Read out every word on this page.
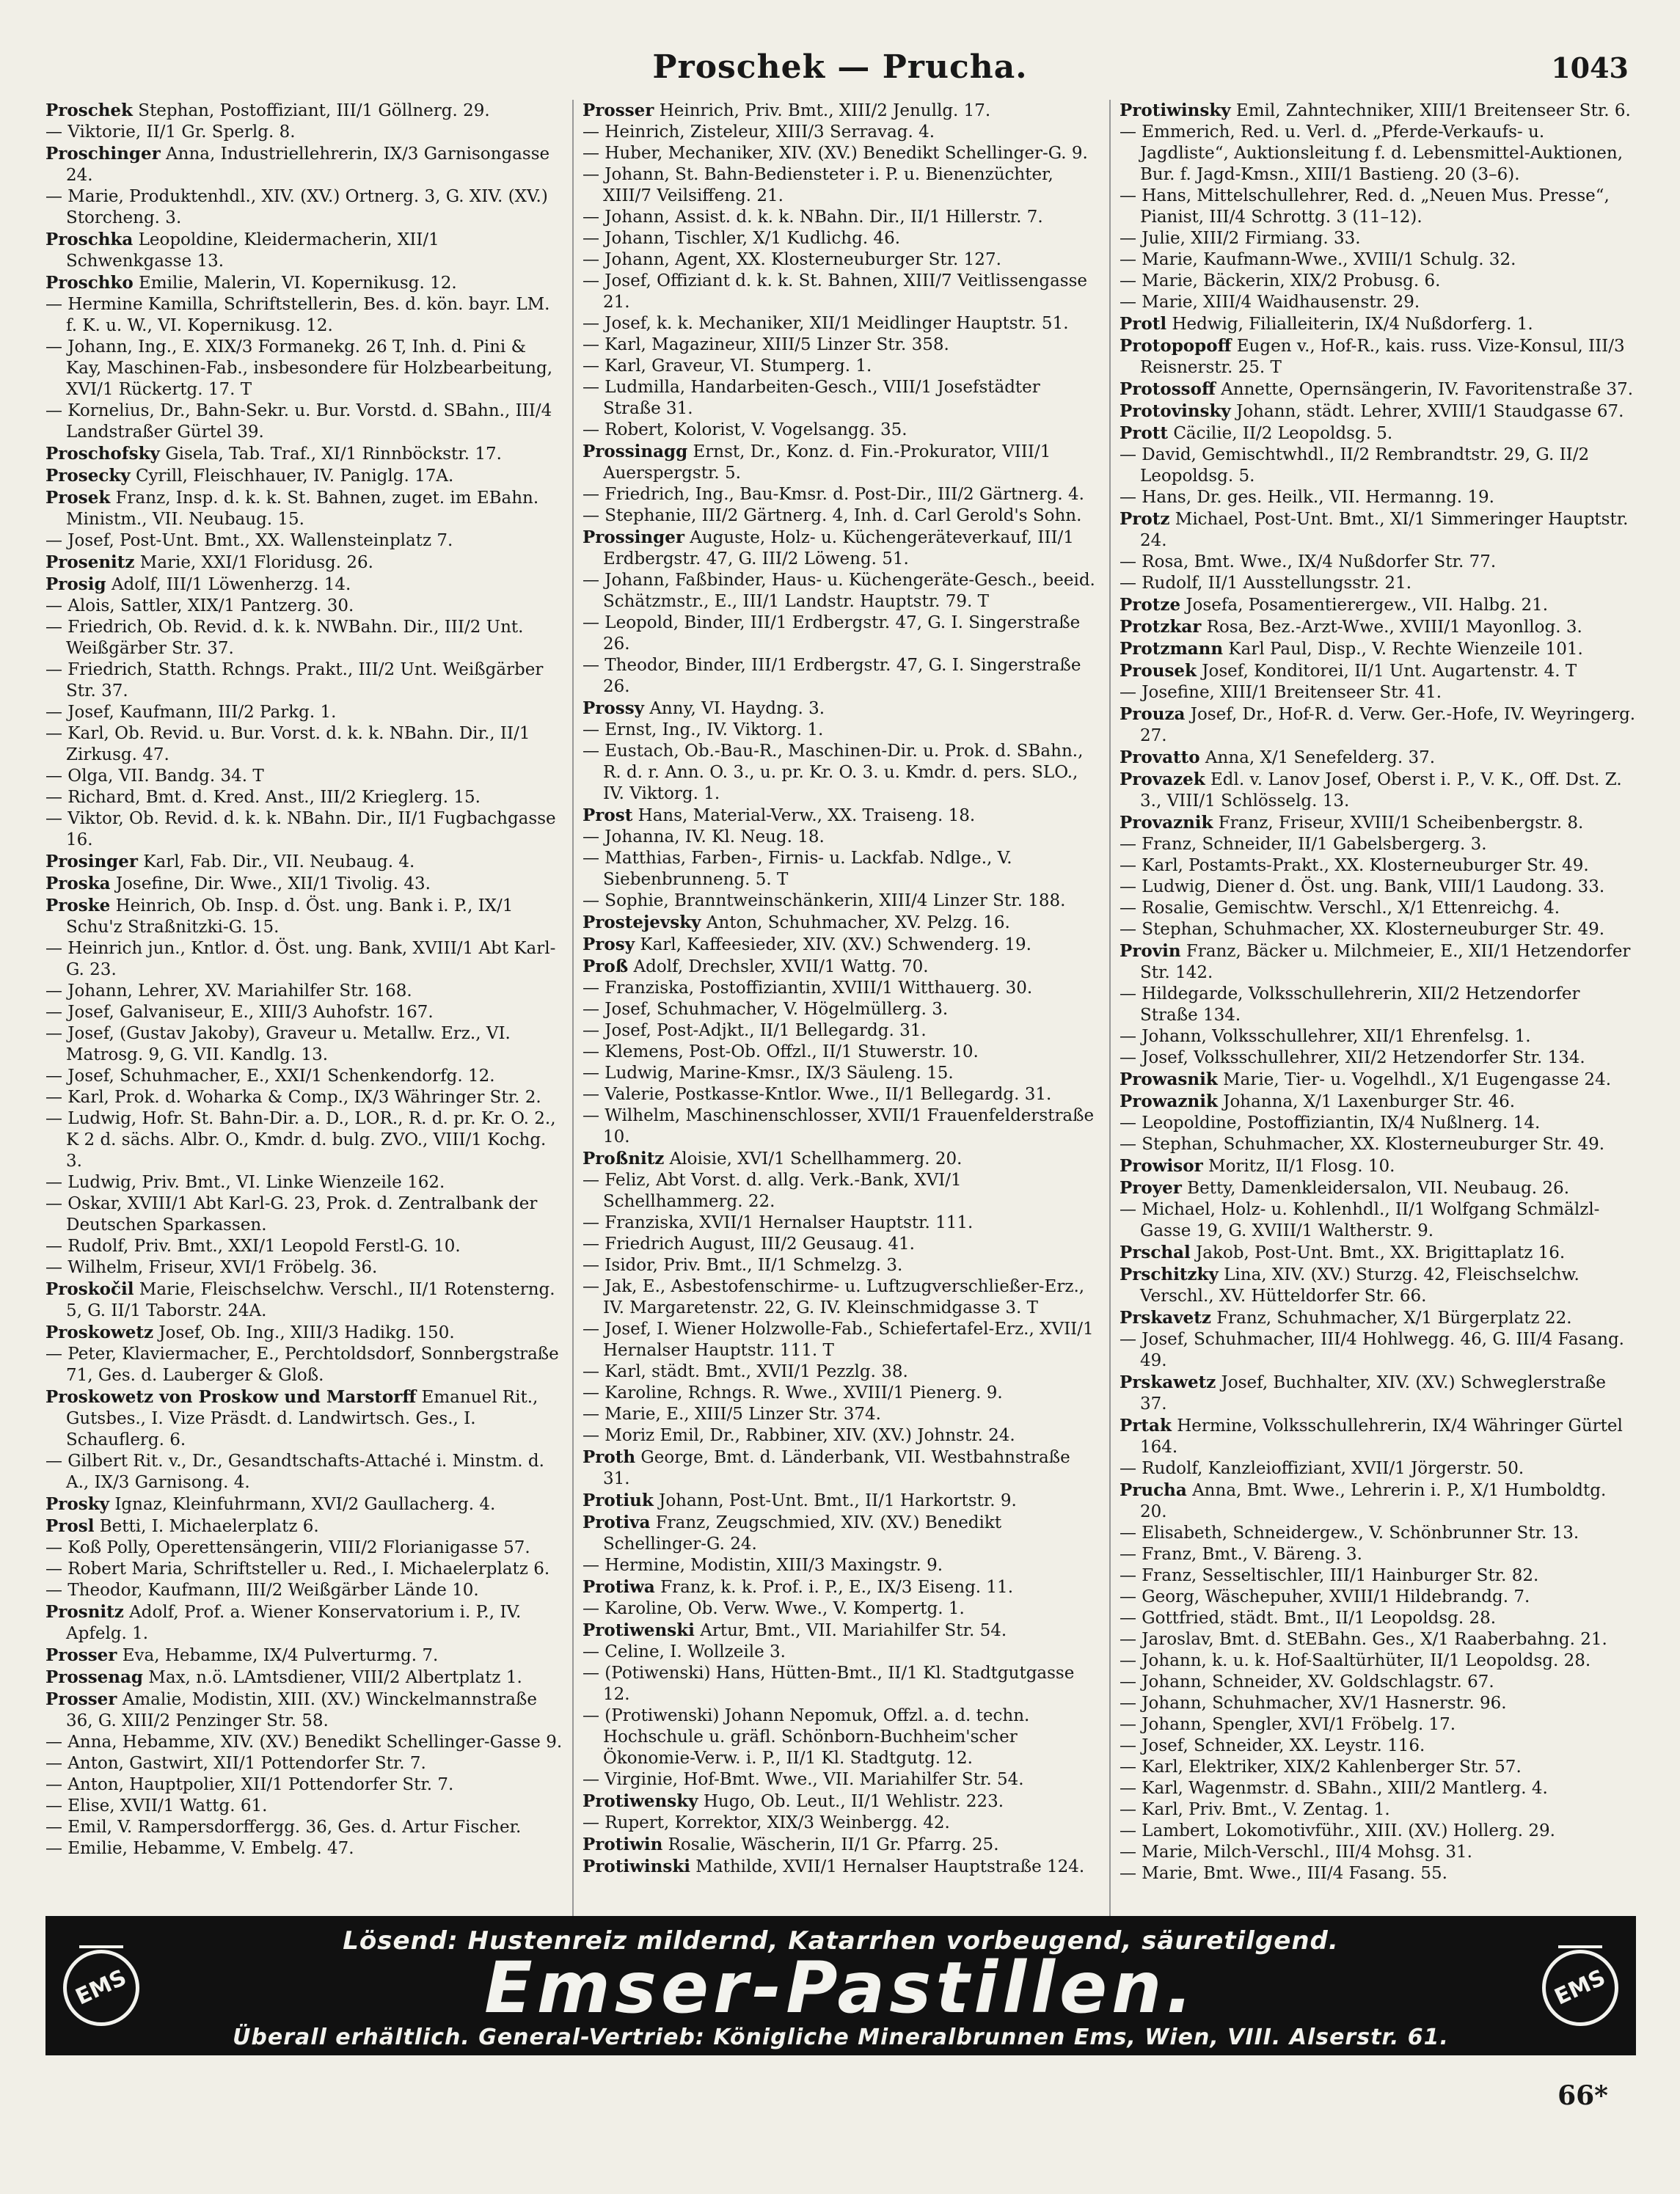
Proschek — Prucha.	1043

Proschek Stephan, Postoffiziant, III/1 Göllnerg. 29.

— Viktorie, II/1 Gr. Sperlg. 8.

Proschinger Anna, Industriellehrerin, IX/3 Garnisongasse 24.

— Marie, Produktenhdl., XIV. (XV.) Ortnerg. 3, G. XIV. (XV.) Storcheng. 3.

Proschka Leopoldine, Kleidermacherin, XII/1 Schwenkgasse 13.

Proschko Emilie, Malerin, VI. Kopernikusg. 12.

— Hermine Kamilla, Schriftstellerin, Bes. d. kön. bayr. LM. f. K. u. W., VI. Kopernikusg. 12.

— Johann, Ing., E. XIX/3 Formanekg. 26 T, Inh. d. Pini & Kay, Maschinen-Fab., insbesondere für Holzbearbeitung, XVI/1 Rückertg. 17. T

— Kornelius, Dr., Bahn-Sekr. u. Bur. Vorstd. d. SBahn., III/4 Landstraßer Gürtel 39.

Proschofsky Gisela, Tab. Traf., XI/1 Rinnböckstr. 17.

Prosecky Cyrill, Fleischhauer, IV. Paniglg. 17A.

Prosek Franz, Insp. d. k. k. St. Bahnen, zuget. im EBahn. Ministm., VII. Neubaug. 15.

— Josef, Post-Unt. Bmt., XX. Wallensteinplatz 7.

Prosenitz Marie, XXI/1 Floridusg. 26.

Prosig Adolf, III/1 Löwenherzg. 14.

— Alois, Sattler, XIX/1 Pantzerg. 30.

— Friedrich, Ob. Revid. d. k. k. NWBahn. Dir., III/2 Unt. Weißgärber Str. 37.

— Friedrich, Statth. Rchngs. Prakt., III/2 Unt. Weißgärber Str. 37.

— Josef, Kaufmann, III/2 Parkg. 1.

— Karl, Ob. Revid. u. Bur. Vorst. d. k. k. NBahn. Dir., II/1 Zirkusg. 47.

— Olga, VII. Bandg. 34. T

— Richard, Bmt. d. Kred. Anst., III/2 Krieglerg. 15.

— Viktor, Ob. Revid. d. k. k. NBahn. Dir., II/1 Fugbachgasse 16.

Prosinger Karl, Fab. Dir., VII. Neubaug. 4.

Proska Josefine, Dir. Wwe., XII/1 Tivolig. 43.

Proske Heinrich, Ob. Insp. d. Öst. ung. Bank i. P., IX/1 Schu'z Straßnitzki-G. 15.

— Heinrich jun., Kntlor. d. Öst. ung. Bank, XVIII/1 Abt Karl-G. 23.

— Johann, Lehrer, XV. Mariahilfer Str. 168.

— Josef, Galvaniseur, E., XIII/3 Auhofstr. 167.

— Josef, (Gustav Jakoby), Graveur u. Metallw. Erz., VI. Matrosg. 9, G. VII. Kandlg. 13.

— Josef, Schuhmacher, E., XXI/1 Schenkendorfg. 12.

— Karl, Prok. d. Woharka & Comp., IX/3 Währinger Str. 2.

— Ludwig, Hofr. St. Bahn-Dir. a. D., LOR., R. d. pr. Kr. O. 2., K 2 d. sächs. Albr. O., Kmdr. d. bulg. ZVO., VIII/1 Kochg. 3.

— Ludwig, Priv. Bmt., VI. Linke Wienzeile 162.

— Oskar, XVIII/1 Abt Karl-G. 23, Prok. d. Zentralbank der Deutschen Sparkassen.

— Rudolf, Priv. Bmt., XXI/1 Leopold Ferstl-G. 10.

— Wilhelm, Friseur, XVI/1 Fröbelg. 36.

Proskočil Marie, Fleischselchw. Verschl., II/1 Rotensterng. 5, G. II/1 Taborstr. 24A.

Proskowetz Josef, Ob. Ing., XIII/3 Hadikg. 150.

— Peter, Klaviermacher, E., Perchtoldsdorf, Sonnbergstraße 71, Ges. d. Lauberger & Gloß.

Proskowetz von Proskow und Marstorff Emanuel Rit., Gutsbes., I. Vize Präsdt. d. Landwirtsch. Ges., I. Schauflerg. 6.

— Gilbert Rit. v., Dr., Gesandtschafts-Attaché i. Minstm. d. A., IX/3 Garnisong. 4.

Prosky Ignaz, Kleinfuhrmann, XVI/2 Gaullacherg. 4.

Prosl Betti, I. Michaelerplatz 6.

— Koß Polly, Operettensängerin, VIII/2 Florianigasse 57.

— Robert Maria, Schriftsteller u. Red., I. Michaelerplatz 6.

— Theodor, Kaufmann, III/2 Weißgärber Lände 10.

Prosnitz Adolf, Prof. a. Wiener Konservatorium i. P., IV. Apfelg. 1.

Prosser Eva, Hebamme, IX/4 Pulverturmg. 7.

Prossenag Max, n.ö. LAmtsdiener, VIII/2 Albertplatz 1.

Prosser Amalie, Modistin, XIII. (XV.) Winckelmannstraße 36, G. XIII/2 Penzinger Str. 58.

— Anna, Hebamme, XIV. (XV.) Benedikt Schellinger-Gasse 9.

— Anton, Gastwirt, XII/1 Pottendorfer Str. 7.

— Anton, Hauptpolier, XII/1 Pottendorfer Str. 7.

— Elise, XVII/1 Wattg. 61.

— Emil, V. Rampersdorffergg. 36, Ges. d. Artur Fischer.

— Emilie, Hebamme, V. Embelg. 47.

Prosser Heinrich, Priv. Bmt., XIII/2 Jenullg. 17.

— Heinrich, Zisteleur, XIII/3 Serravag. 4.

— Huber, Mechaniker, XIV. (XV.) Benedikt Schellinger-G. 9.

— Johann, St. Bahn-Bediensteter i. P. u. Bienenzüchter, XIII/7 Veilsiffeng. 21.

— Johann, Assist. d. k. k. NBahn. Dir., II/1 Hillerstr. 7.

— Johann, Tischler, X/1 Kudlichg. 46.

— Johann, Agent, XX. Klosterneuburger Str. 127.

— Josef, Offiziant d. k. k. St. Bahnen, XIII/7 Veitlissengasse 21.

— Josef, k. k. Mechaniker, XII/1 Meidlinger Hauptstr. 51.

— Karl, Magazineur, XIII/5 Linzer Str. 358.

— Karl, Graveur, VI. Stumperg. 1.

— Ludmilla, Handarbeiten-Gesch., VIII/1 Josefstädter Straße 31.

— Robert, Kolorist, V. Vogelsangg. 35.

Prossinagg Ernst, Dr., Konz. d. Fin.-Prokurator, VIII/1 Auerspergstr. 5.

— Friedrich, Ing., Bau-Kmsr. d. Post-Dir., III/2 Gärtnerg. 4.

— Stephanie, III/2 Gärtnerg. 4, Inh. d. Carl Gerold's Sohn.

Prossinger Auguste, Holz- u. Küchengeräteverkauf, III/1 Erdbergstr. 47, G. III/2 Löweng. 51.

— Johann, Faßbinder, Haus- u. Küchengeräte-Gesch., beeid. Schätzmstr., E., III/1 Landstr. Hauptstr. 79. T

— Leopold, Binder, III/1 Erdbergstr. 47, G. I. Singerstraße 26.

— Theodor, Binder, III/1 Erdbergstr. 47, G. I. Singerstraße 26.

Prossy Anny, VI. Haydng. 3.

— Ernst, Ing., IV. Viktorg. 1.

— Eustach, Ob.-Bau-R., Maschinen-Dir. u. Prok. d. SBahn., R. d. r. Ann. O. 3., u. pr. Kr. O. 3. u. Kmdr. d. pers. SLO., IV. Viktorg. 1.

Prost Hans, Material-Verw., XX. Traiseng. 18.

— Johanna, IV. Kl. Neug. 18.

— Matthias, Farben-, Firnis- u. Lackfab. Ndlge., V. Siebenbrunneng. 5. T

— Sophie, Branntweinschänkerin, XIII/4 Linzer Str. 188.

Prostejevsky Anton, Schuhmacher, XV. Pelzg. 16.

Prosy Karl, Kaffeesieder, XIV. (XV.) Schwenderg. 19.

Proß Adolf, Drechsler, XVII/1 Wattg. 70.

— Franziska, Postoffiziantin, XVIII/1 Witthauerg. 30.

— Josef, Schuhmacher, V. Högelmüllerg. 3.

— Josef, Post-Adjkt., II/1 Bellegardg. 31.

— Klemens, Post-Ob. Offzl., II/1 Stuwerstr. 10.

— Ludwig, Marine-Kmsr., IX/3 Säuleng. 15.

— Valerie, Postkasse-Kntlor. Wwe., II/1 Bellegardg. 31.

— Wilhelm, Maschinenschlosser, XVII/1 Frauenfelderstraße 10.

Proßnitz Aloisie, XVI/1 Schellhammerg. 20.

— Feliz, Abt Vorst. d. allg. Verk.-Bank, XVI/1 Schellhammerg. 22.

— Franziska, XVII/1 Hernalser Hauptstr. 111.

— Friedrich August, III/2 Geusaug. 41.

— Isidor, Priv. Bmt., II/1 Schmelzg. 3.

— Jak, E., Asbestofenschirme- u. Luftzugverschließer-Erz., IV. Margaretenstr. 22, G. IV. Kleinschmidgasse 3. T

— Josef, I. Wiener Holzwolle-Fab., Schiefertafel-Erz., XVII/1 Hernalser Hauptstr. 111. T

— Karl, städt. Bmt., XVII/1 Pezzlg. 38.

— Karoline, Rchngs. R. Wwe., XVIII/1 Pienerg. 9.

— Marie, E., XIII/5 Linzer Str. 374.

— Moriz Emil, Dr., Rabbiner, XIV. (XV.) Johnstr. 24.

Proth George, Bmt. d. Länderbank, VII. Westbahnstraße 31.

Protiuk Johann, Post-Unt. Bmt., II/1 Harkortstr. 9.

Protiva Franz, Zeugschmied, XIV. (XV.) Benedikt Schellinger-G. 24.

— Hermine, Modistin, XIII/3 Maxingstr. 9.

Protiwa Franz, k. k. Prof. i. P., E., IX/3 Eiseng. 11.

— Karoline, Ob. Verw. Wwe., V. Kompertg. 1.

Protiwenski Artur, Bmt., VII. Mariahilfer Str. 54.

— Celine, I. Wollzeile 3.

— (Potiwenski) Hans, Hütten-Bmt., II/1 Kl. Stadtgutgasse 12.

— (Protiwenski) Johann Nepomuk, Offzl. a. d. techn. Hochschule u. gräfl. Schönborn-Buchheim'scher Ökonomie-Verw. i. P., II/1 Kl. Stadtgutg. 12.

— Virginie, Hof-Bmt. Wwe., VII. Mariahilfer Str. 54.

Protiwensky Hugo, Ob. Leut., II/1 Wehlistr. 223.

— Rupert, Korrektor, XIX/3 Weinbergg. 42.

Protiwin Rosalie, Wäscherin, II/1 Gr. Pfarrg. 25.

Protiwinski Mathilde, XVII/1 Hernalser Hauptstraße 124.

Protiwinsky Emil, Zahntechniker, XIII/1 Breitenseer Str. 6.

— Emmerich, Red. u. Verl. d. „Pferde-Verkaufs- u. Jagdliste“, Auktionsleitung f. d. Lebensmittel-Auktionen, Bur. f. Jagd-Kmsn., XIII/1 Bastieng. 20 (3–6).

— Hans, Mittelschullehrer, Red. d. „Neuen Mus. Presse“, Pianist, III/4 Schrottg. 3 (11–12).

— Julie, XIII/2 Firmiang. 33.

— Marie, Kaufmann-Wwe., XVIII/1 Schulg. 32.

— Marie, Bäckerin, XIX/2 Probusg. 6.

— Marie, XIII/4 Waidhausenstr. 29.

Protl Hedwig, Filialleiterin, IX/4 Nußdorferg. 1.

Protopopoff Eugen v., Hof-R., kais. russ. Vize-Konsul, III/3 Reisnerstr. 25. T

Protossoff Annette, Opernsängerin, IV. Favoritenstraße 37.

Protovinsky Johann, städt. Lehrer, XVIII/1 Staudgasse 67.

Prott Cäcilie, II/2 Leopoldsg. 5.

— David, Gemischtwhdl., II/2 Rembrandtstr. 29, G. II/2 Leopoldsg. 5.

— Hans, Dr. ges. Heilk., VII. Hermanng. 19.

Protz Michael, Post-Unt. Bmt., XI/1 Simmeringer Hauptstr. 24.

— Rosa, Bmt. Wwe., IX/4 Nußdorfer Str. 77.

— Rudolf, II/1 Ausstellungsstr. 21.

Protze Josefa, Posamentierergew., VII. Halbg. 21.

Protzkar Rosa, Bez.-Arzt-Wwe., XVIII/1 Mayonllog. 3.

Protzmann Karl Paul, Disp., V. Rechte Wienzeile 101.

Prousek Josef, Konditorei, II/1 Unt. Augartenstr. 4. T

— Josefine, XIII/1 Breitenseer Str. 41.

Prouza Josef, Dr., Hof-R. d. Verw. Ger.-Hofe, IV. Weyringerg. 27.

Provatto Anna, X/1 Senefelderg. 37.

Provazek Edl. v. Lanov Josef, Oberst i. P., V. K., Off. Dst. Z. 3., VIII/1 Schlösselg. 13.

Provaznik Franz, Friseur, XVIII/1 Scheibenbergstr. 8.

— Franz, Schneider, II/1 Gabelsbergerg. 3.

— Karl, Postamts-Prakt., XX. Klosterneuburger Str. 49.

— Ludwig, Diener d. Öst. ung. Bank, VIII/1 Laudong. 33.

— Rosalie, Gemischtw. Verschl., X/1 Ettenreichg. 4.

— Stephan, Schuhmacher, XX. Klosterneuburger Str. 49.

Provin Franz, Bäcker u. Milchmeier, E., XII/1 Hetzendorfer Str. 142.

— Hildegarde, Volksschullehrerin, XII/2 Hetzendorfer Straße 134.

— Johann, Volksschullehrer, XII/1 Ehrenfelsg. 1.

— Josef, Volksschullehrer, XII/2 Hetzendorfer Str. 134.

Prowasnik Marie, Tier- u. Vogelhdl., X/1 Eugengasse 24.

Prowaznik Johanna, X/1 Laxenburger Str. 46.

— Leopoldine, Postoffiziantin, IX/4 Nußlnerg. 14.

— Stephan, Schuhmacher, XX. Klosterneuburger Str. 49.

Prowisor Moritz, II/1 Flosg. 10.

Proyer Betty, Damenkleidersalon, VII. Neubaug. 26.

— Michael, Holz- u. Kohlenhdl., II/1 Wolfgang Schmälzl-Gasse 19, G. XVIII/1 Waltherstr. 9.

Prschal Jakob, Post-Unt. Bmt., XX. Brigittaplatz 16.

Prschitzky Lina, XIV. (XV.) Sturzg. 42, Fleischselchw. Verschl., XV. Hütteldorfer Str. 66.

Prskavetz Franz, Schuhmacher, X/1 Bürgerplatz 22.

— Josef, Schuhmacher, III/4 Hohlwegg. 46, G. III/4 Fasang. 49.

Prskawetz Josef, Buchhalter, XIV. (XV.) Schweglerstraße 37.

Prtak Hermine, Volksschullehrerin, IX/4 Währinger Gürtel 164.

— Rudolf, Kanzleioffiziant, XVII/1 Jörgerstr. 50.

Prucha Anna, Bmt. Wwe., Lehrerin i. P., X/1 Humboldtg. 20.

— Elisabeth, Schneidergew., V. Schönbrunner Str. 13.

— Franz, Bmt., V. Bäreng. 3.

— Franz, Sesseltischler, III/1 Hainburger Str. 82.

— Georg, Wäschepuher, XVIII/1 Hildebrandg. 7.

— Gottfried, städt. Bmt., II/1 Leopoldsg. 28.

— Jaroslav, Bmt. d. StEBahn. Ges., X/1 Raaberbahng. 21.

— Johann, k. u. k. Hof-Saaltürhüter, II/1 Leopoldsg. 28.

— Johann, Schneider, XV. Goldschlagstr. 67.

— Johann, Schuhmacher, XV/1 Hasnerstr. 96.

— Johann, Spengler, XVI/1 Fröbelg. 17.

— Josef, Schneider, XX. Leystr. 116.

— Karl, Elektriker, XIX/2 Kahlenberger Str. 57.

— Karl, Wagenmstr. d. SBahn., XIII/2 Mantlerg. 4.

— Karl, Priv. Bmt., V. Zentag. 1.

— Lambert, Lokomotivführ., XIII. (XV.) Hollerg. 29.

— Marie, Milch-Verschl., III/4 Mohsg. 31.

— Marie, Bmt. Wwe., III/4 Fasang. 55.

EMS
Lösend: Hustenreiz mildernd, Katarrhen vorbeugend, säuretilgend.
Emser-Pastillen.
Überall erhältlich. General-Vertrieb: Königliche Mineralbrunnen Ems, Wien, VIII. Alserstr. 61.
EMS
66*
